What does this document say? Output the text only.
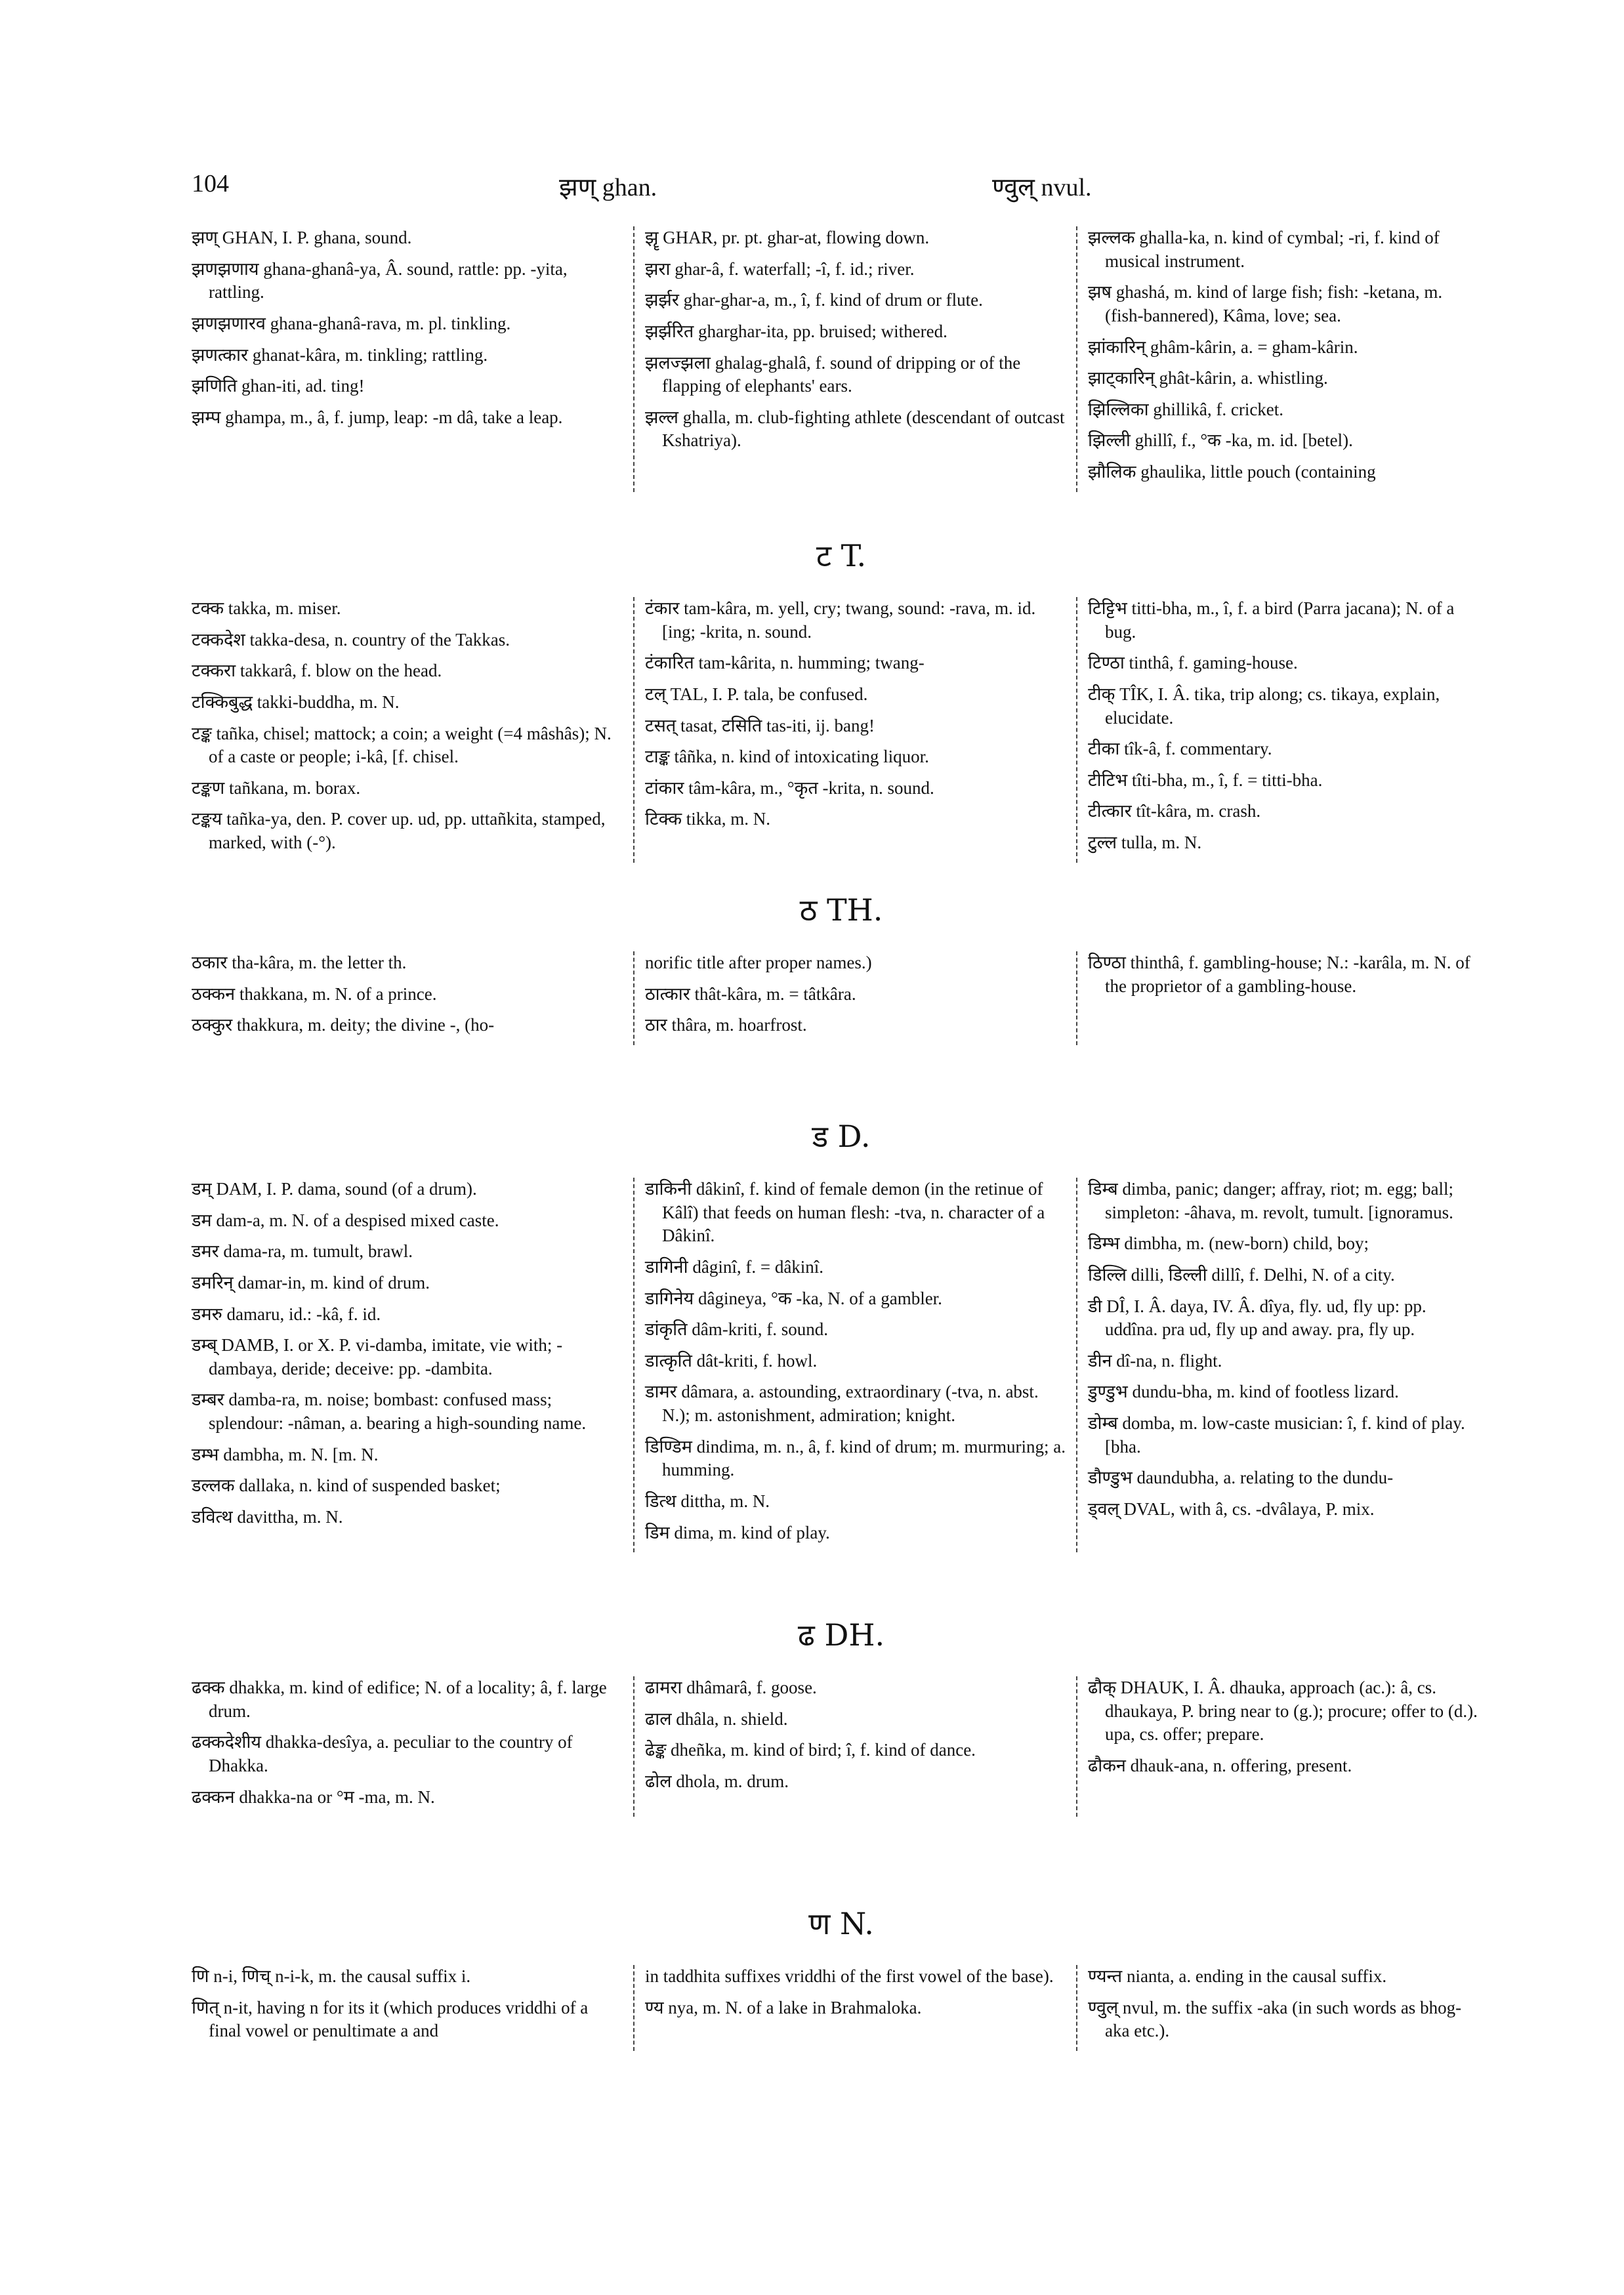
104	झण् ghan.	ण्वुल् nvul.
झण् GHAN, I. P. ghana, sound.
झणझणाय ghana-ghanâ-ya, Â. sound, rattle: pp. -yita, rattling.
झणझणारव ghana-ghanâ-rava, m. pl. tinkling.
झणत्कार ghanat-kâra, m. tinkling; rattling.
झणिति ghan-iti, ad. ting!
झम्प ghampa, m., â, f. jump, leap: -m dâ, take a leap.
झॄ GHAR, pr. pt. ghar-at, flowing down.
झरा ghar-â, f. waterfall; -î, f. id.; river.
झर्झर ghar-ghar-a, m., î, f. kind of drum or flute.
झर्झरित gharghar-ita, pp. bruised; withered.
झलज्झला ghalag-ghalâ, f. sound of dripping or of the flapping of elephants' ears.
झल्ल ghalla, m. club-fighting athlete (descendant of outcast Kshatriya).
झल्लक ghalla-ka, n. kind of cymbal; -ri, f. kind of musical instrument.
झष ghashá, m. kind of large fish; fish: -ketana, m. (fish-bannered), Kâma, love; sea.
झांकारिन् ghâm-kârin, a. = gham-kârin.
झाट्कारिन् ghât-kârin, a. whistling.
झिल्लिका ghillikâ, f. cricket.
झिल्ली ghillî, f., °क -ka, m. id. [betel).
झौलिक ghaulika, little pouch (containing
ट T.
टक्क takka, m. miser.
टक्कदेश takka-desa, n. country of the Takkas.
टक्करा takkarâ, f. blow on the head.
टक्किबुद्ध takki-buddha, m. N.
टङ्क tañka, chisel; mattock; a coin; a weight (=4 mâshâs); N. of a caste or people; i-kâ, [f. chisel.
टङ्कण tañkana, m. borax.
टङ्कय tañka-ya, den. P. cover up. ud, pp. uttañkita, stamped, marked, with (-°).
टंकार tam-kâra, m. yell, cry; twang, sound: -rava, m. id. [ing; -krita, n. sound.
टंकारित tam-kârita, n. humming; twang-
टल् TAL, I. P. tala, be confused.
टसत् tasat, टसिति tas-iti, ij. bang!
टाङ्क tâñka, n. kind of intoxicating liquor.
टांकार tâm-kâra, m., °कृत -krita, n. sound.
टिक्क tikka, m. N.
टिट्टिभ titti-bha, m., î, f. a bird (Parra jacana); N. of a bug.
टिण्ठा tinthâ, f. gaming-house.
टीक् TÎK, I. Â. tika, trip along; cs. tikaya, explain, elucidate.
टीका tîk-â, f. commentary.
टीटिभ tîti-bha, m., î, f. = titti-bha.
टीत्कार tît-kâra, m. crash.
टुल्ल tulla, m. N.
ठ TH.
ठकार tha-kâra, m. the letter th.
ठक्कन thakkana, m. N. of a prince.
ठक्कुर thakkura, m. deity; the divine -, (ho-
norific title after proper names.)
ठात्कार thât-kâra, m. = tâtkâra.
ठार thâra, m. hoarfrost.
ठिण्ठा thinthâ, f. gambling-house; N.: -karâla, m. N. of the proprietor of a gambling-house.
ड D.
डम् DAM, I. P. dama, sound (of a drum).
डम dam-a, m. N. of a despised mixed caste.
डमर dama-ra, m. tumult, brawl.
डमरिन् damar-in, m. kind of drum.
डमरु damaru, id.: -kâ, f. id.
डम्ब् DAMB, I. or X. P. vi-damba, imitate, vie with; -dambaya, deride; deceive: pp. -dambita.
डम्बर damba-ra, m. noise; bombast: confused mass; splendour: -nâman, a. bearing a high-sounding name.
डम्भ dambha, m. N. [m. N.
डल्लक dallaka, n. kind of suspended basket;
डवित्थ davittha, m. N.
डाकिनी dâkinî, f. kind of female demon (in the retinue of Kâlî) that feeds on human flesh: -tva, n. character of a Dâkinî.
डागिनी dâginî, f. = dâkinî.
डागिनेय dâgineya, °क -ka, N. of a gambler.
डांकृति dâm-kriti, f. sound.
डात्कृति dât-kriti, f. howl.
डामर dâmara, a. astounding, extraordinary (-tva, n. abst. N.); m. astonishment, admiration; knight.
डिण्डिम dindima, m. n., â, f. kind of drum; m. murmuring; a. humming.
डित्थ dittha, m. N.
डिम dima, m. kind of play.
डिम्ब dimba, panic; danger; affray, riot; m. egg; ball; simpleton: -âhava, m. revolt, tumult. [ignoramus.
डिम्भ dimbha, m. (new-born) child, boy;
डिल्लि dilli, डिल्ली dillî, f. Delhi, N. of a city.
डी DÎ, I. Â. daya, IV. Â. dîya, fly. ud, fly up: pp. uddîna. pra ud, fly up and away. pra, fly up.
डीन dî-na, n. flight.
डुण्डुभ dundu-bha, m. kind of footless lizard.
डोम्ब domba, m. low-caste musician: î, f. kind of play. [bha.
डौण्डुभ daundubha, a. relating to the dundu-
ड्वल् DVAL, with â, cs. -dvâlaya, P. mix.
ढ DH.
ढक्क dhakka, m. kind of edifice; N. of a locality; â, f. large drum.
ढक्कदेशीय dhakka-desîya, a. peculiar to the country of Dhakka.
ढक्कन dhakka-na or °म -ma, m. N.
ढामरा dhâmarâ, f. goose.
ढाल dhâla, n. shield.
ढेङ्क dheñka, m. kind of bird; î, f. kind of dance.
ढोल dhola, m. drum.
ढौक् DHAUK, I. Â. dhauka, approach (ac.): â, cs. dhaukaya, P. bring near to (g.); procure; offer to (d.). upa, cs. offer; prepare.
ढौकन dhauk-ana, n. offering, present.
ण N.
णि n-i, णिच् n-i-k, m. the causal suffix i.
णित् n-it, having n for its it (which produces vriddhi of a final vowel or penultimate a and
in taddhita suffixes vriddhi of the first vowel of the base).
ण्य nya, m. N. of a lake in Brahmaloka.
ण्यन्त nianta, a. ending in the causal suffix.
ण्वुल् nvul, m. the suffix -aka (in such words as bhog-aka etc.).
